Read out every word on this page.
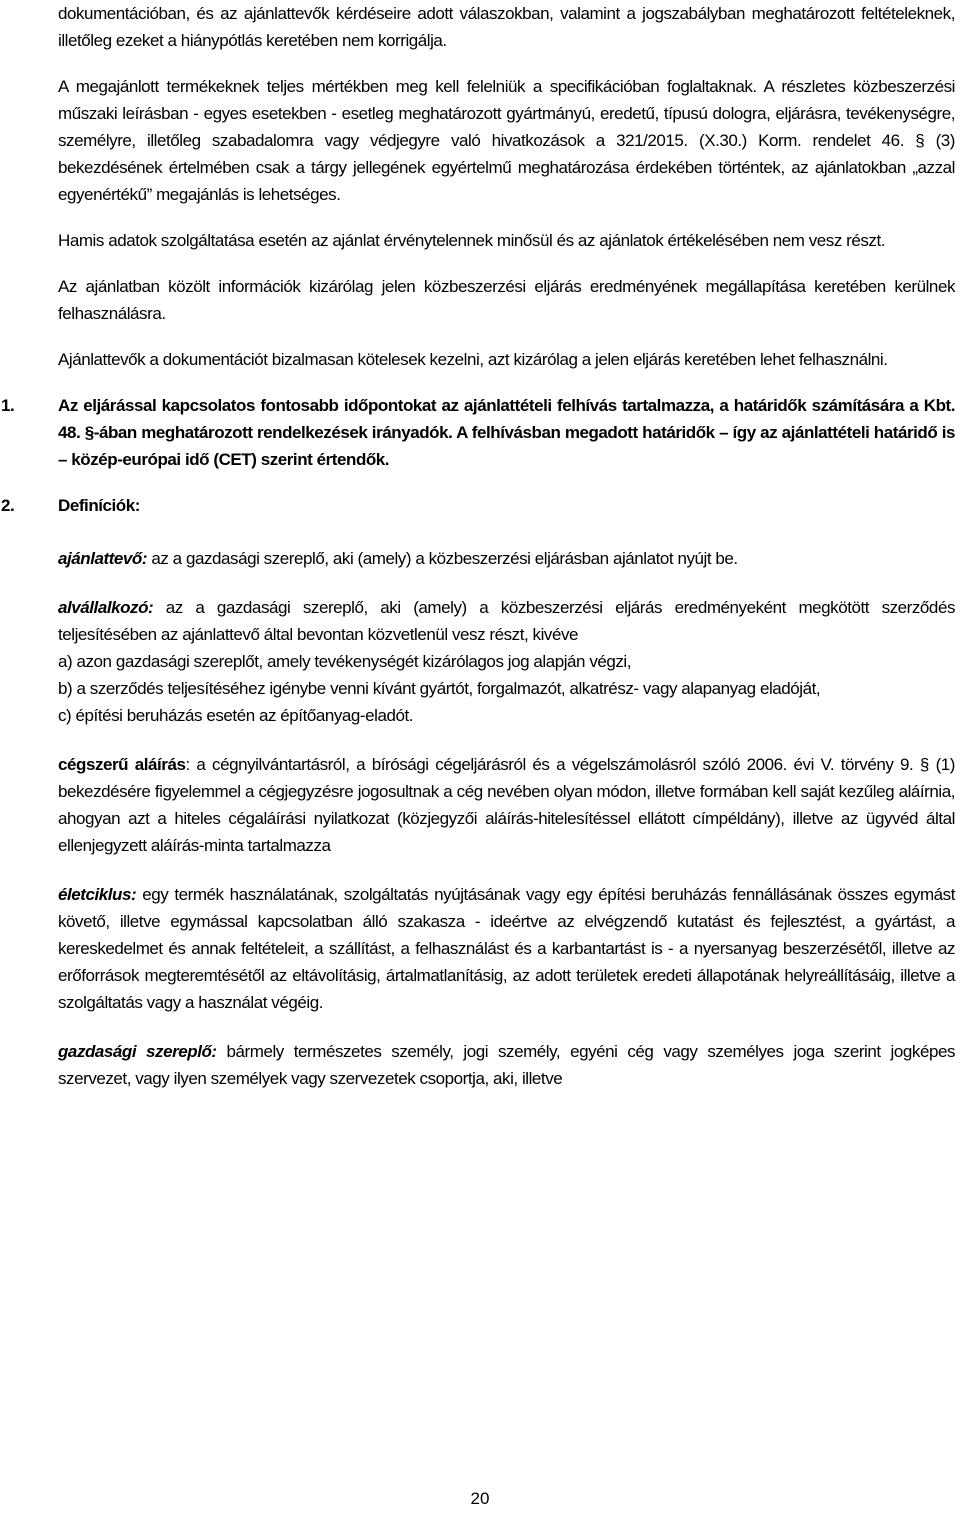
dokumentációban, és az ajánlattevők kérdéseire adott válaszokban, valamint a jogszabályban meghatározott feltételeknek, illetőleg ezeket a hiánypótlás keretében nem korrigálja.

A megajánlott termékeknek teljes mértékben meg kell felelniük a specifikációban foglaltaknak. A részletes közbeszerzési műszaki leírásban - egyes esetekben - esetleg meghatározott gyártmányú, eredetű, típusú dologra, eljárásra, tevékenységre, személyre, illetőleg szabadalomra vagy védjegyre való hivatkozások a 321/2015. (X.30.) Korm. rendelet 46. § (3) bekezdésének értelmében csak a tárgy jellegének egyértelmű meghatározása érdekében történtek, az ajánlatokban „azzal egyenértékű” megajánlás is lehetséges.

Hamis adatok szolgáltatása esetén az ajánlat érvénytelennek minősül és az ajánlatok értékelésében nem vesz részt.

Az ajánlatban közölt információk kizárólag jelen közbeszerzési eljárás eredményének megállapítása keretében kerülnek felhasználásra.

Ajánlattevők a dokumentációt bizalmasan kötelesek kezelni, azt kizárólag a jelen eljárás keretében lehet felhasználni.

1.	Az eljárással kapcsolatos fontosabb időpontokat az ajánlattételi felhívás tartalmazza, a határidők számítására a Kbt. 48. §-ában meghatározott rendelkezések irányadók. A felhívásban megadott határidők – így az ajánlattételi határidő is – közép-európai idő (CET) szerint értendők.

2.	Definíciók:

ajánlattevő: az a gazdasági szereplő, aki (amely) a közbeszerzési eljárásban ajánlatot nyújt be.

alvállalkozó: az a gazdasági szereplő, aki (amely) a közbeszerzési eljárás eredményeként megkötött szerződés teljesítésében az ajánlattevő által bevontan közvetlenül vesz részt, kivéve

a) azon gazdasági szereplőt, amely tevékenységét kizárólagos jog alapján végzi,

b) a szerződés teljesítéséhez igénybe venni kívánt gyártót, forgalmazót, alkatrész- vagy alapanyag eladóját,

c) építési beruházás esetén az építőanyag-eladót.

cégszerű aláírás: a cégnyilvántartásról, a bírósági cégeljárásról és a végelszámolásról szóló 2006. évi V. törvény 9. § (1) bekezdésére figyelemmel a cégjegyzésre jogosultnak a cég nevében olyan módon, illetve formában kell saját kezűleg aláírnia, ahogyan azt a hiteles cégaláírási nyilatkozat (közjegyzői aláírás-hitelesítéssel ellátott címpéldány), illetve az ügyvéd által ellenjegyzett aláírás-minta tartalmazza

életciklus: egy termék használatának, szolgáltatás nyújtásának vagy egy építési beruházás fennállásának összes egymást követő, illetve egymással kapcsolatban álló szakasza - ideértve az elvégzendő kutatást és fejlesztést, a gyártást, a kereskedelmet és annak feltételeit, a szállítást, a felhasználást és a karbantartást is - a nyersanyag beszerzésétől, illetve az erőforrások megteremtésétől az eltávolításig, ártalmatlanításig, az adott területek eredeti állapotának helyreállításáig, illetve a szolgáltatás vagy a használat végéig.

gazdasági szereplő: bármely természetes személy, jogi személy, egyéni cég vagy személyes joga szerint jogképes szervezet, vagy ilyen személyek vagy szervezetek csoportja, aki, illetve

20
